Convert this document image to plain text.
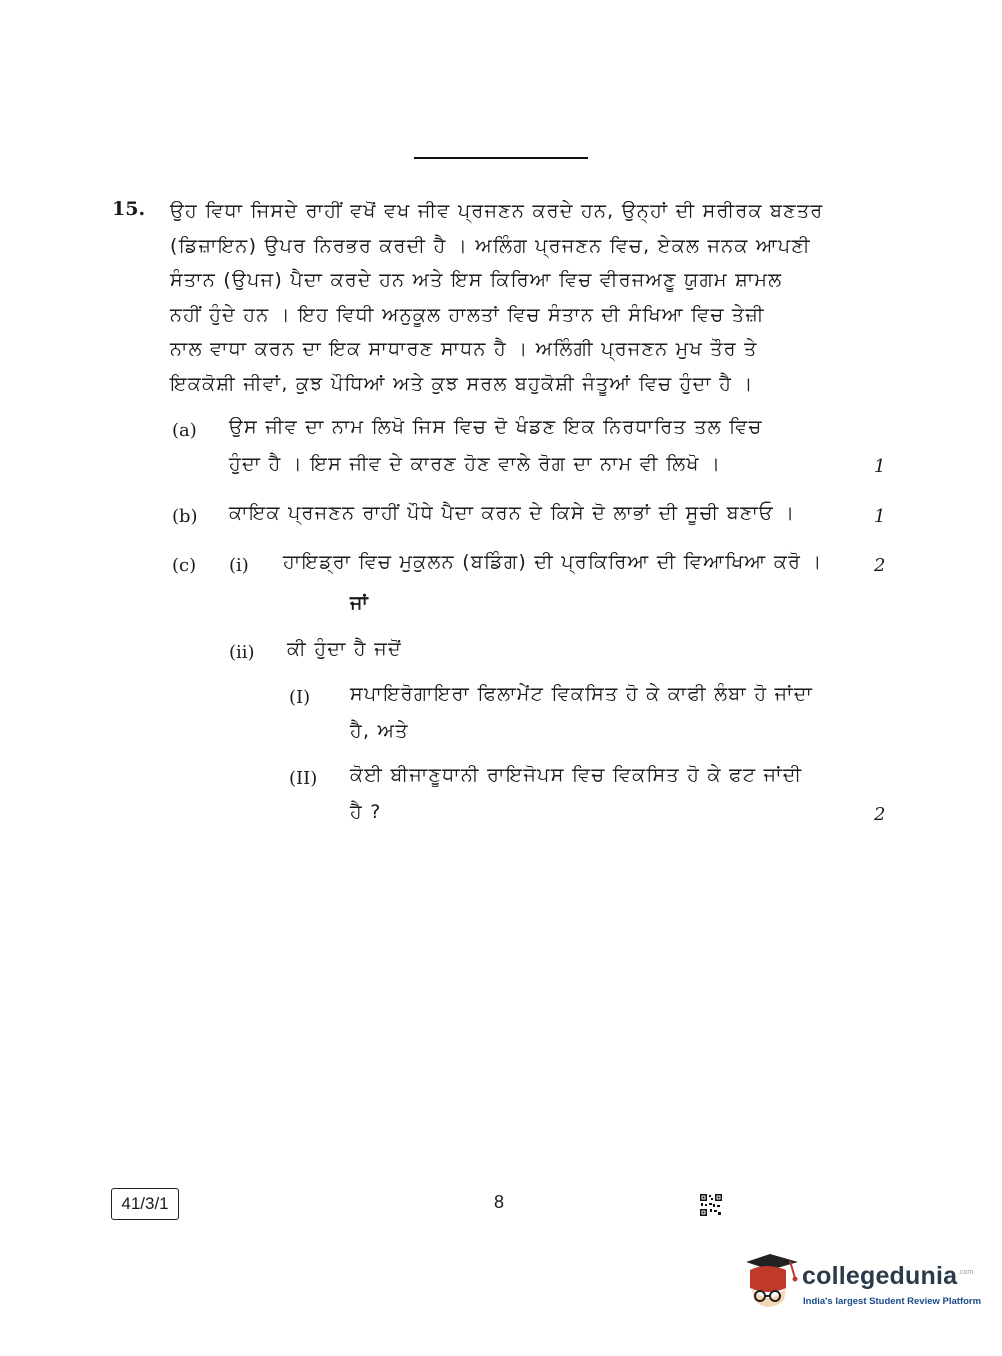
15. ਉਹ ਵਿਧਾ ਜਿਸਦੇ ਰਾਹੀਂ ਵਖੋਂ ਵਖ ਜੀਵ ਪ੍ਰਜਣਨ ਕਰਦੇ ਹਨ, ਉਨ੍ਹਾਂ ਦੀ ਸਰੀਰਕ ਬਣਤਰ
(ਡਿਜ਼ਾਇਨ) ਉਪਰ ਨਿਰਭਰ ਕਰਦੀ ਹੈ । ਅਲਿੰਗ ਪ੍ਰਜਣਨ ਵਿਚ, ਏਕਲ ਜਨਕ ਆਪਣੀ
ਸੰਤਾਨ (ਉਪਜ) ਪੈਦਾ ਕਰਦੇ ਹਨ ਅਤੇ ਇਸ ਕਿਰਿਆ ਵਿਚ ਵੀਰਜਅਣੂ ਯੁਗਮ ਸ਼ਾਮਲ
ਨਹੀਂ ਹੁੰਦੇ ਹਨ । ਇਹ ਵਿਧੀ ਅਨੁਕੂਲ ਹਾਲਤਾਂ ਵਿਚ ਸੰਤਾਨ ਦੀ ਸੰਖਿਆ ਵਿਚ ਤੇਜ਼ੀ
ਨਾਲ ਵਾਧਾ ਕਰਨ ਦਾ ਇਕ ਸਾਧਾਰਣ ਸਾਧਨ ਹੈ । ਅਲਿੰਗੀ ਪ੍ਰਜਣਨ ਮੁਖ ਤੌਰ ਤੇ
ਇਕਕੋਸ਼ੀ ਜੀਵਾਂ, ਕੁਝ ਪੌਧਿਆਂ ਅਤੇ ਕੁਝ ਸਰਲ ਬਹੁਕੋਸ਼ੀ ਜੰਤੂਆਂ ਵਿਚ ਹੁੰਦਾ ਹੈ ।
(a) ਉਸ ਜੀਵ ਦਾ ਨਾਮ ਲਿਖੋ ਜਿਸ ਵਿਚ ਦੋ ਖੰਡਣ ਇਕ ਨਿਰਧਾਰਿਤ ਤਲ ਵਿਚ
ਹੁੰਦਾ ਹੈ । ਇਸ ਜੀਵ ਦੇ ਕਾਰਣ ਹੋਣ ਵਾਲੇ ਰੋਗ ਦਾ ਨਾਮ ਵੀ ਲਿਖੋ ।	1
(b) ਕਾਇਕ ਪ੍ਰਜਣਨ ਰਾਹੀਂ ਪੌਧੇ ਪੈਦਾ ਕਰਨ ਦੇ ਕਿਸੇ ਦੋ ਲਾਭਾਂ ਦੀ ਸੂਚੀ ਬਣਾਓ ।	1
(c) (i) ਹਾਇਡ੍ਰਾ ਵਿਚ ਮੁਕੁਲਨ (ਬਡਿੰਗ) ਦੀ ਪ੍ਰਕਿਰਿਆ ਦੀ ਵਿਆਖਿਆ ਕਰੋ ।	2
ਜਾਂ
(ii) ਕੀ ਹੁੰਦਾ ਹੈ ਜਦੋਂ
(I) ਸਪਾਇਰੋਗਾਇਰਾ ਫਿਲਾਮੇਂਟ ਵਿਕਸਿਤ ਹੋ ਕੇ ਕਾਫੀ ਲੰਬਾ ਹੋ ਜਾਂਦਾ
ਹੈ, ਅਤੇ
(II) ਕੋਈ ਬੀਜਾਣੂਧਾਨੀ ਰਾਇਜੋਪਸ ਵਿਚ ਵਿਕਸਿਤ ਹੋ ਕੇ ਫਟ ਜਾਂਦੀ
ਹੈ ?	2
41/3/1	8
collegedunia .com
India's largest Student Review Platform
